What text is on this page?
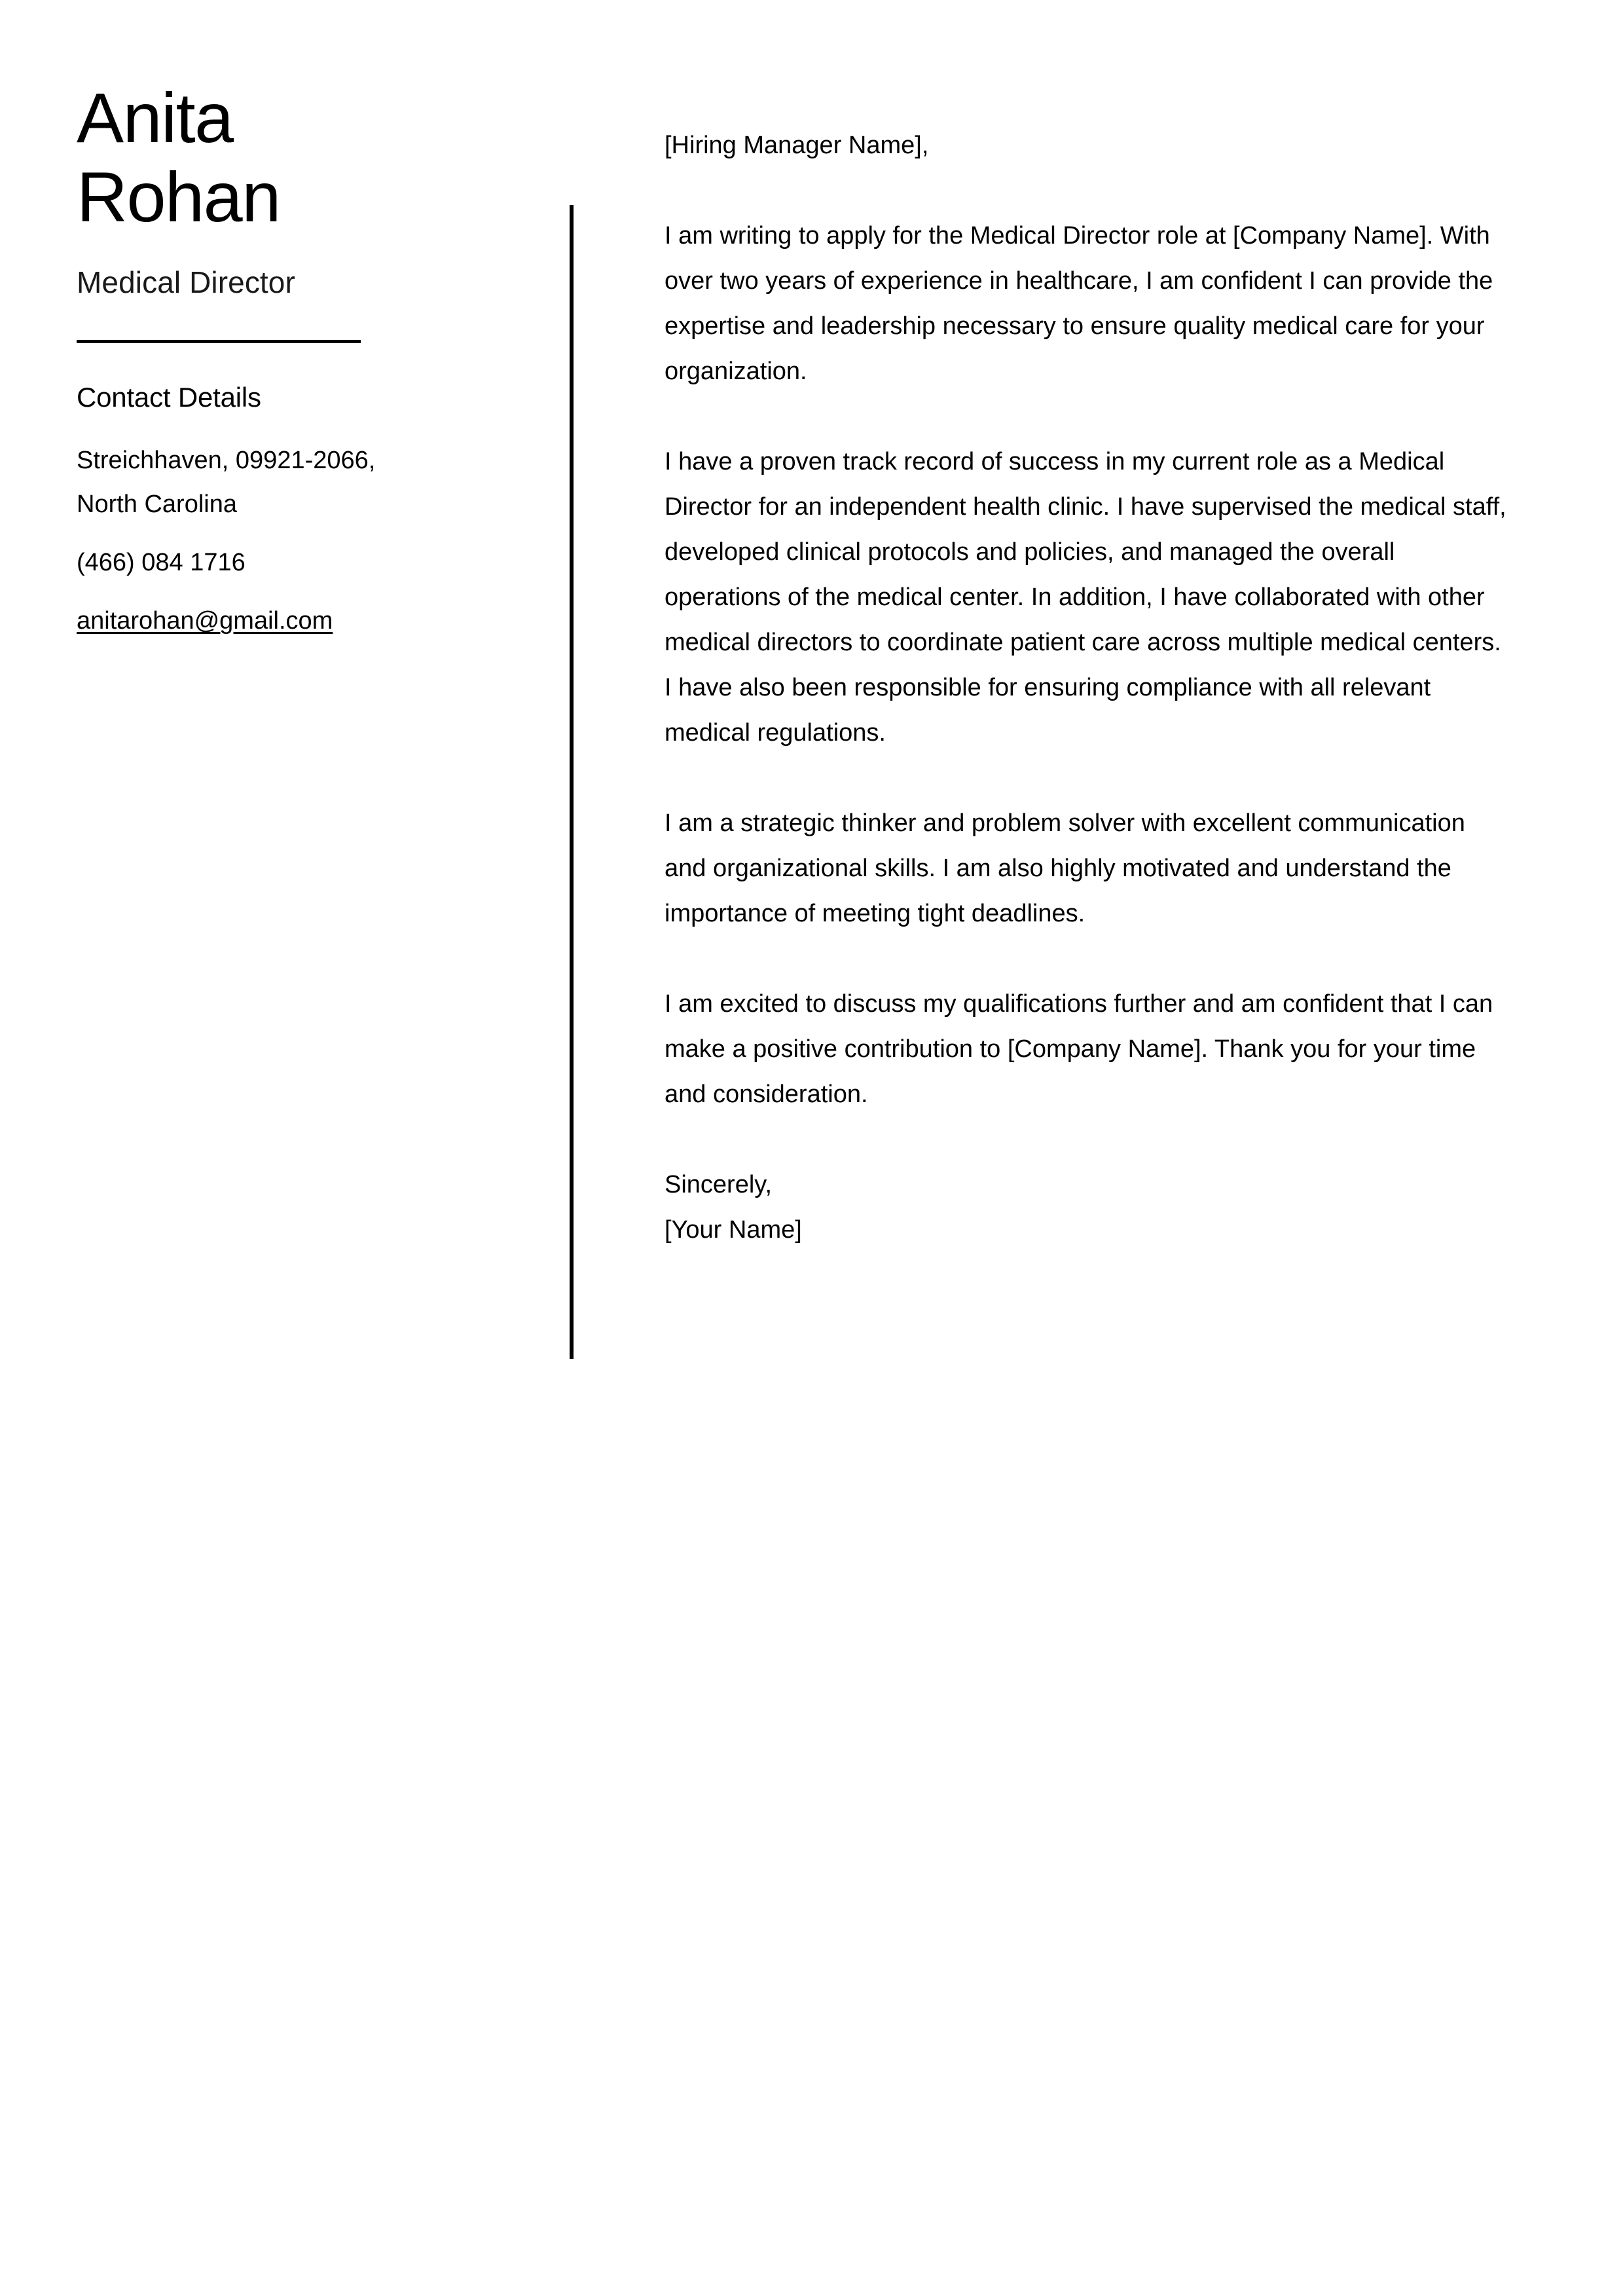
Anita
Rohan
Medical Director
Contact Details
Streichhaven, 09921-2066, North Carolina
(466) 084 1716
anitarohan@gmail.com

[Hiring Manager Name],

I am writing to apply for the Medical Director role at [Company Name]. With over two years of experience in healthcare, I am confident I can provide the expertise and leadership necessary to ensure quality medical care for your organization.

I have a proven track record of success in my current role as a Medical Director for an independent health clinic. I have supervised the medical staff, developed clinical protocols and policies, and managed the overall operations of the medical center. In addition, I have collaborated with other medical directors to coordinate patient care across multiple medical centers. I have also been responsible for ensuring compliance with all relevant medical regulations.

I am a strategic thinker and problem solver with excellent communication and organizational skills. I am also highly motivated and understand the importance of meeting tight deadlines.

I am excited to discuss my qualifications further and am confident that I can make a positive contribution to [Company Name]. Thank you for your time and consideration.

Sincerely,
[Your Name]
